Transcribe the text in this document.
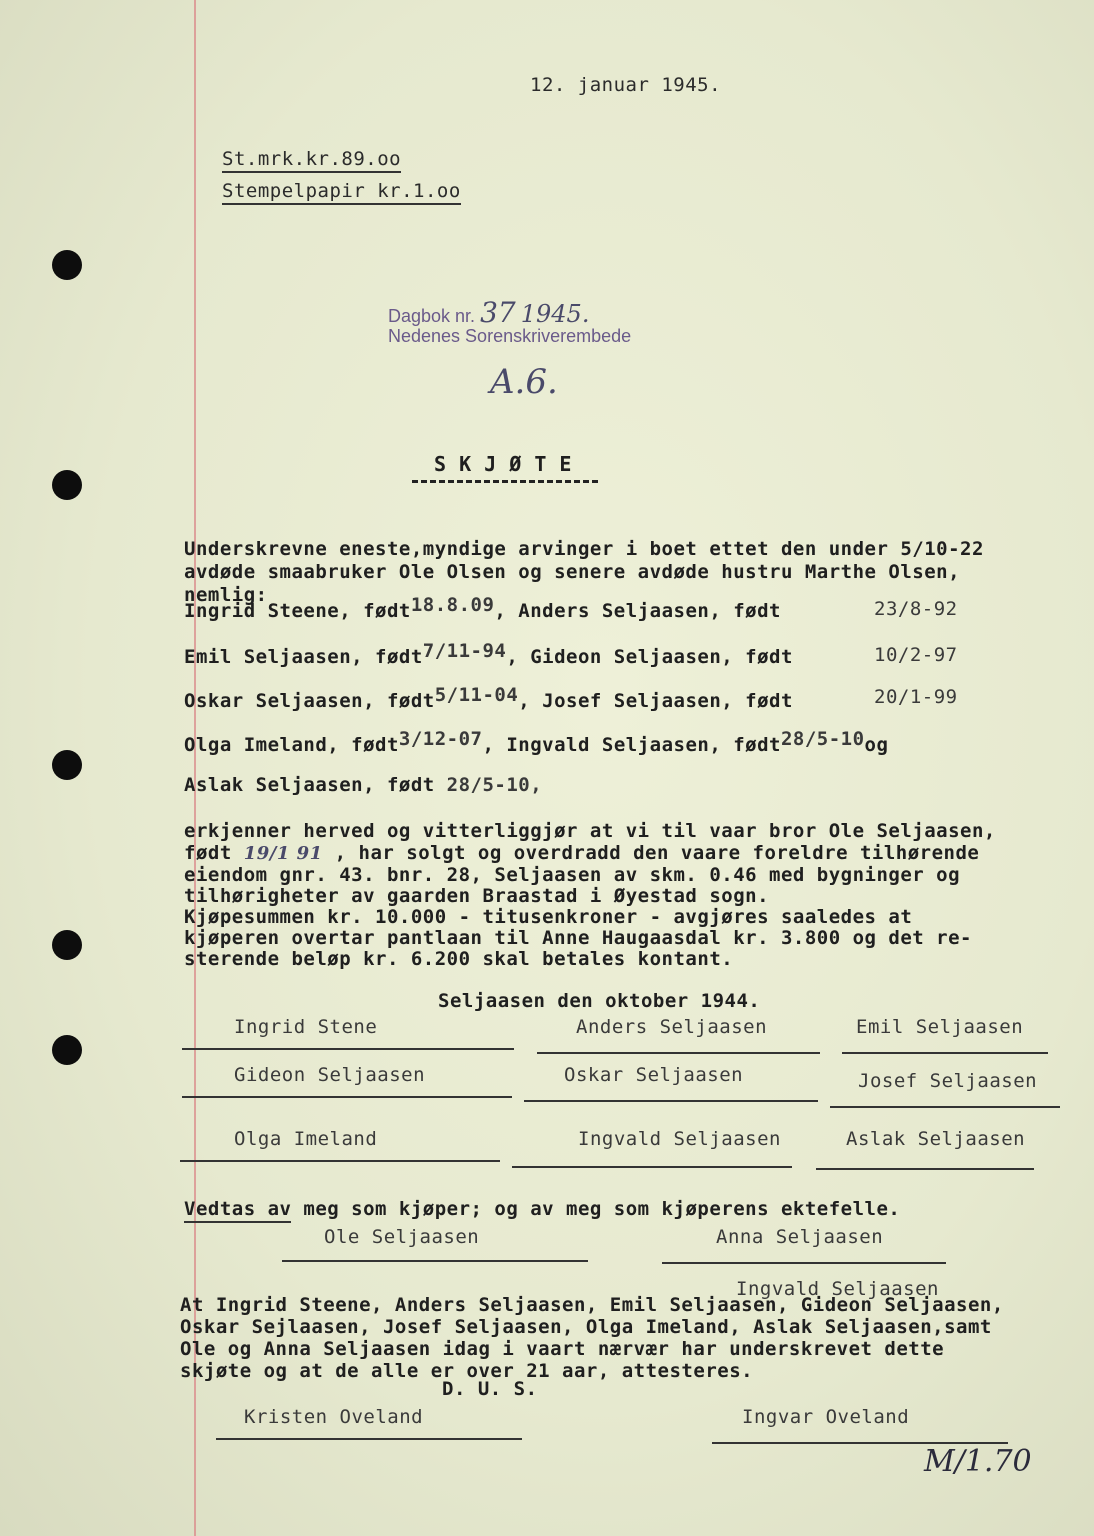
12. januar 1945.
St.mrk.kr.89.oo
Stempelpapir kr.1.oo
Dagbok nr. 37 1945.
Nedenes Sorenskriverembede
A.6.
S K J Ø T E
Underskrevne eneste,myndige arvinger i boet ettet den under 5/10-22
avdøde smaabruker Ole Olsen og senere avdøde hustru Marthe Olsen,
nemlig:
Ingrid Steene, født18.8.09, Anders Seljaasen, født	23/8-92
Emil Seljaasen, født7/11-94, Gideon Seljaasen, født	10/2-97
Oskar Seljaasen, født5/11-04, Josef Seljaasen, født	20/1-99
Olga Imeland, født3/12-07, Ingvald Seljaasen, født28/5-10og
Aslak Seljaasen, født 28/5-10,
erkjenner herved og vitterliggjør at vi til vaar bror Ole Seljaasen,
født 19/1 91 , har solgt og overdradd den vaare foreldre tilhørende
eiendom gnr. 43. bnr. 28, Seljaasen av skm. 0.46 med bygninger og
tilhørigheter av gaarden Braastad i Øyestad sogn.
Kjøpesummen kr. 10.000 - titusenkroner - avgjøres saaledes at
kjøperen overtar pantlaan til Anne Haugaasdal kr. 3.800 og det re-
sterende beløp kr. 6.200 skal betales kontant.
Seljaasen den oktober 1944.
Ingrid Stene	Anders Seljaasen	Emil Seljaasen
Gideon Seljaasen	Oskar Seljaasen	Josef Seljaasen
Olga Imeland	Ingvald Seljaasen	Aslak Seljaasen
Vedtas av meg som kjøper; og av meg som kjøperens ektefelle.
Ole Seljaasen	Anna Seljaasen
Ingvald Seljaasen
At Ingrid Steene, Anders Seljaasen, Emil Seljaasen, Gideon Seljaasen,
Oskar Sejlaasen, Josef Seljaasen, Olga Imeland, Aslak Seljaasen,samt
Ole og Anna Seljaasen idag i vaart nærvær har underskrevet dette
skjøte og at de alle er over 21 aar, attesteres.
D. U. S.
Kristen Oveland	Ingvar Oveland
M/1.70
